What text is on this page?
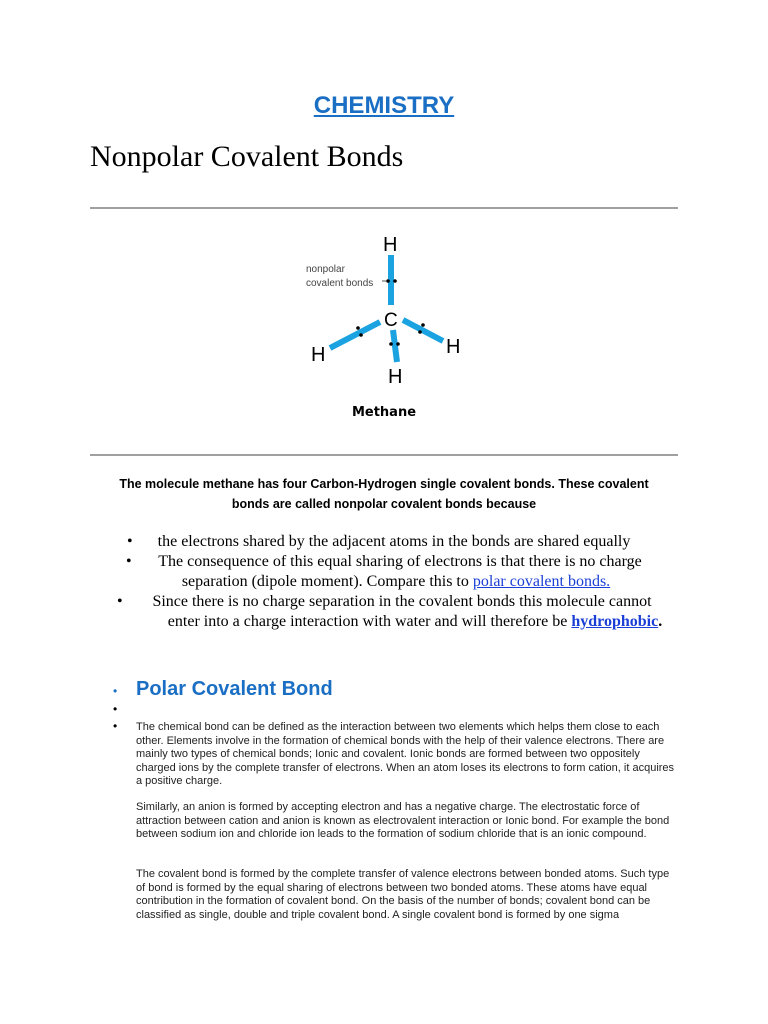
CHEMISTRY
Nonpolar Covalent Bonds
nonpolar
covalent bonds
H
C
H	H
H
Methane
The molecule methane has four Carbon-Hydrogen single covalent bonds. These covalent bonds are called nonpolar covalent bonds because
• the electrons shared by the adjacent atoms in the bonds are shared equally
•	The consequence of this equal sharing of electrons is that there is no charge
separation (dipole moment). Compare this to polar covalent bonds.
•	Since there is no charge separation in the covalent bonds this molecule cannot
enter into a charge interaction with water and will therefore be hydrophobic.
• Polar Covalent Bond
•
• The chemical bond can be defined as the interaction between two elements which helps them close to each other. Elements involve in the formation of chemical bonds with the help of their valence electrons. There are mainly two types of chemical bonds; Ionic and covalent. Ionic bonds are formed between two oppositely charged ions by the complete transfer of electrons. When an atom loses its electrons to form cation, it acquires a positive charge.
Similarly, an anion is formed by accepting electron and has a negative charge. The electrostatic force of attraction between cation and anion is known as electrovalent interaction or Ionic bond. For example the bond between sodium ion and chloride ion leads to the formation of sodium chloride that is an ionic compound.
The covalent bond is formed by the complete transfer of valence electrons between bonded atoms. Such type of bond is formed by the equal sharing of electrons between two bonded atoms. These atoms have equal contribution in the formation of covalent bond. On the basis of the number of bonds; covalent bond can be classified as single, double and triple covalent bond. A single covalent bond is formed by one sigma
